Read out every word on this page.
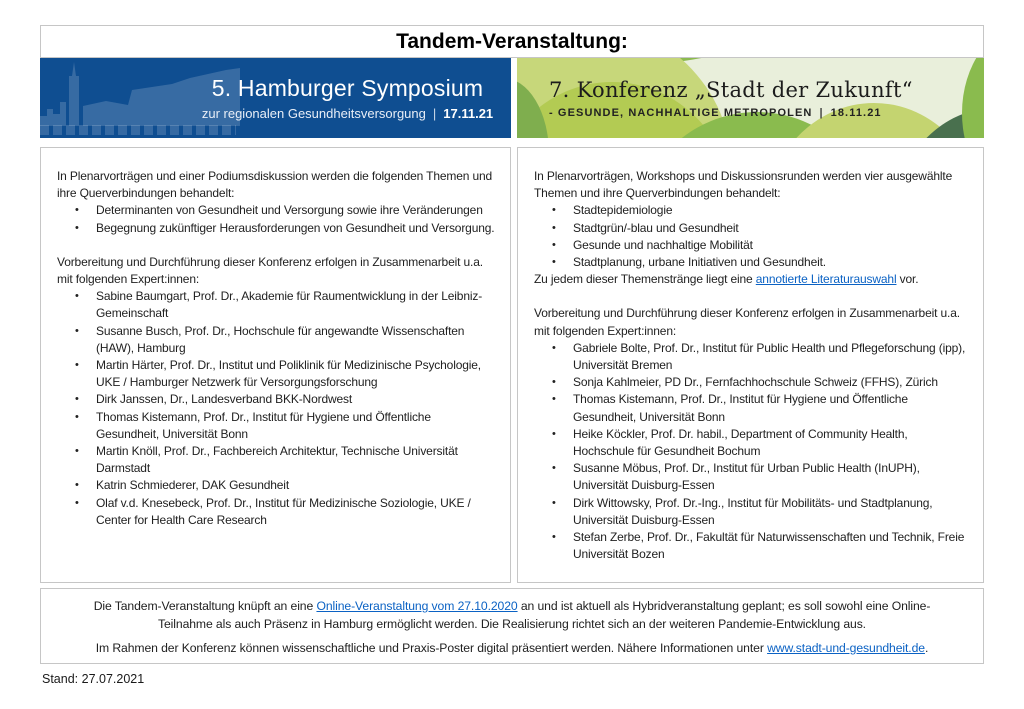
Tandem-Veranstaltung:
5. Hamburger Symposium
zur regionalen Gesundheitsversorgung | 17.11.21
7. Konferenz „Stadt der Zukunft“
- GESUNDE, NACHHALTIGE METROPOLEN | 18.11.21

In Plenarvorträgen und einer Podiumsdiskussion werden die folgenden Themen und ihre Querverbindungen behandelt:

• Determinanten von Gesundheit und Versorgung sowie ihre Veränderungen
• Begegnung zukünftiger Herausforderungen von Gesundheit und Versorgung.

Vorbereitung und Durchführung dieser Konferenz erfolgen in Zusammenarbeit u.a. mit folgenden Expert:innen:

• Sabine Baumgart, Prof. Dr., Akademie für Raumentwicklung in der Leibniz-Gemeinschaft
• Susanne Busch, Prof. Dr., Hochschule für angewandte Wissenschaften (HAW), Hamburg
• Martin Härter, Prof. Dr., Institut und Poliklinik für Medizinische Psychologie, UKE / Hamburger Netzwerk für Versorgungsforschung
• Dirk Janssen, Dr., Landesverband BKK-Nordwest
• Thomas Kistemann, Prof. Dr., Institut für Hygiene und Öffentliche Gesundheit, Universität Bonn
• Martin Knöll, Prof. Dr., Fachbereich Architektur, Technische Universität Darmstadt
• Katrin Schmiederer, DAK Gesundheit
• Olaf v.d. Knesebeck, Prof. Dr., Institut für Medizinische Soziologie, UKE / Center for Health Care Research

In Plenarvorträgen, Workshops und Diskussionsrunden werden vier ausgewählte Themen und ihre Querverbindungen behandelt:

• Stadtepidemiologie
• Stadtgrün/-blau und Gesundheit
• Gesunde und nachhaltige Mobilität
• Stadtplanung, urbane Initiativen und Gesundheit.

Zu jedem dieser Themenstränge liegt eine annotierte Literaturauswahl vor.

Vorbereitung und Durchführung dieser Konferenz erfolgen in Zusammenarbeit u.a. mit folgenden Expert:innen:

• Gabriele Bolte, Prof. Dr., Institut für Public Health und Pflegeforschung (ipp), Universität Bremen
• Sonja Kahlmeier, PD Dr., Fernfachhochschule Schweiz (FFHS), Zürich
• Thomas Kistemann, Prof. Dr., Institut für Hygiene und Öffentliche Gesundheit, Universität Bonn
• Heike Köckler, Prof. Dr. habil., Department of Community Health, Hochschule für Gesundheit Bochum
• Susanne Möbus, Prof. Dr., Institut für Urban Public Health (InUPH), Universität Duisburg-Essen
• Dirk Wittowsky, Prof. Dr.-Ing., Institut für Mobilitäts- und Stadtplanung, Universität Duisburg-Essen
• Stefan Zerbe, Prof. Dr., Fakultät für Naturwissenschaften und Technik, Freie Universität Bozen

Die Tandem-Veranstaltung knüpft an eine Online-Veranstaltung vom 27.10.2020 an und ist aktuell als Hybridveranstaltung geplant; es soll sowohl eine Online-Teilnahme als auch Präsenz in Hamburg ermöglicht werden. Die Realisierung richtet sich an der weiteren Pandemie-Entwicklung aus.

Im Rahmen der Konferenz können wissenschaftliche und Praxis-Poster digital präsentiert werden. Nähere Informationen unter www.stadt-und-gesundheit.de.

Stand: 27.07.2021
